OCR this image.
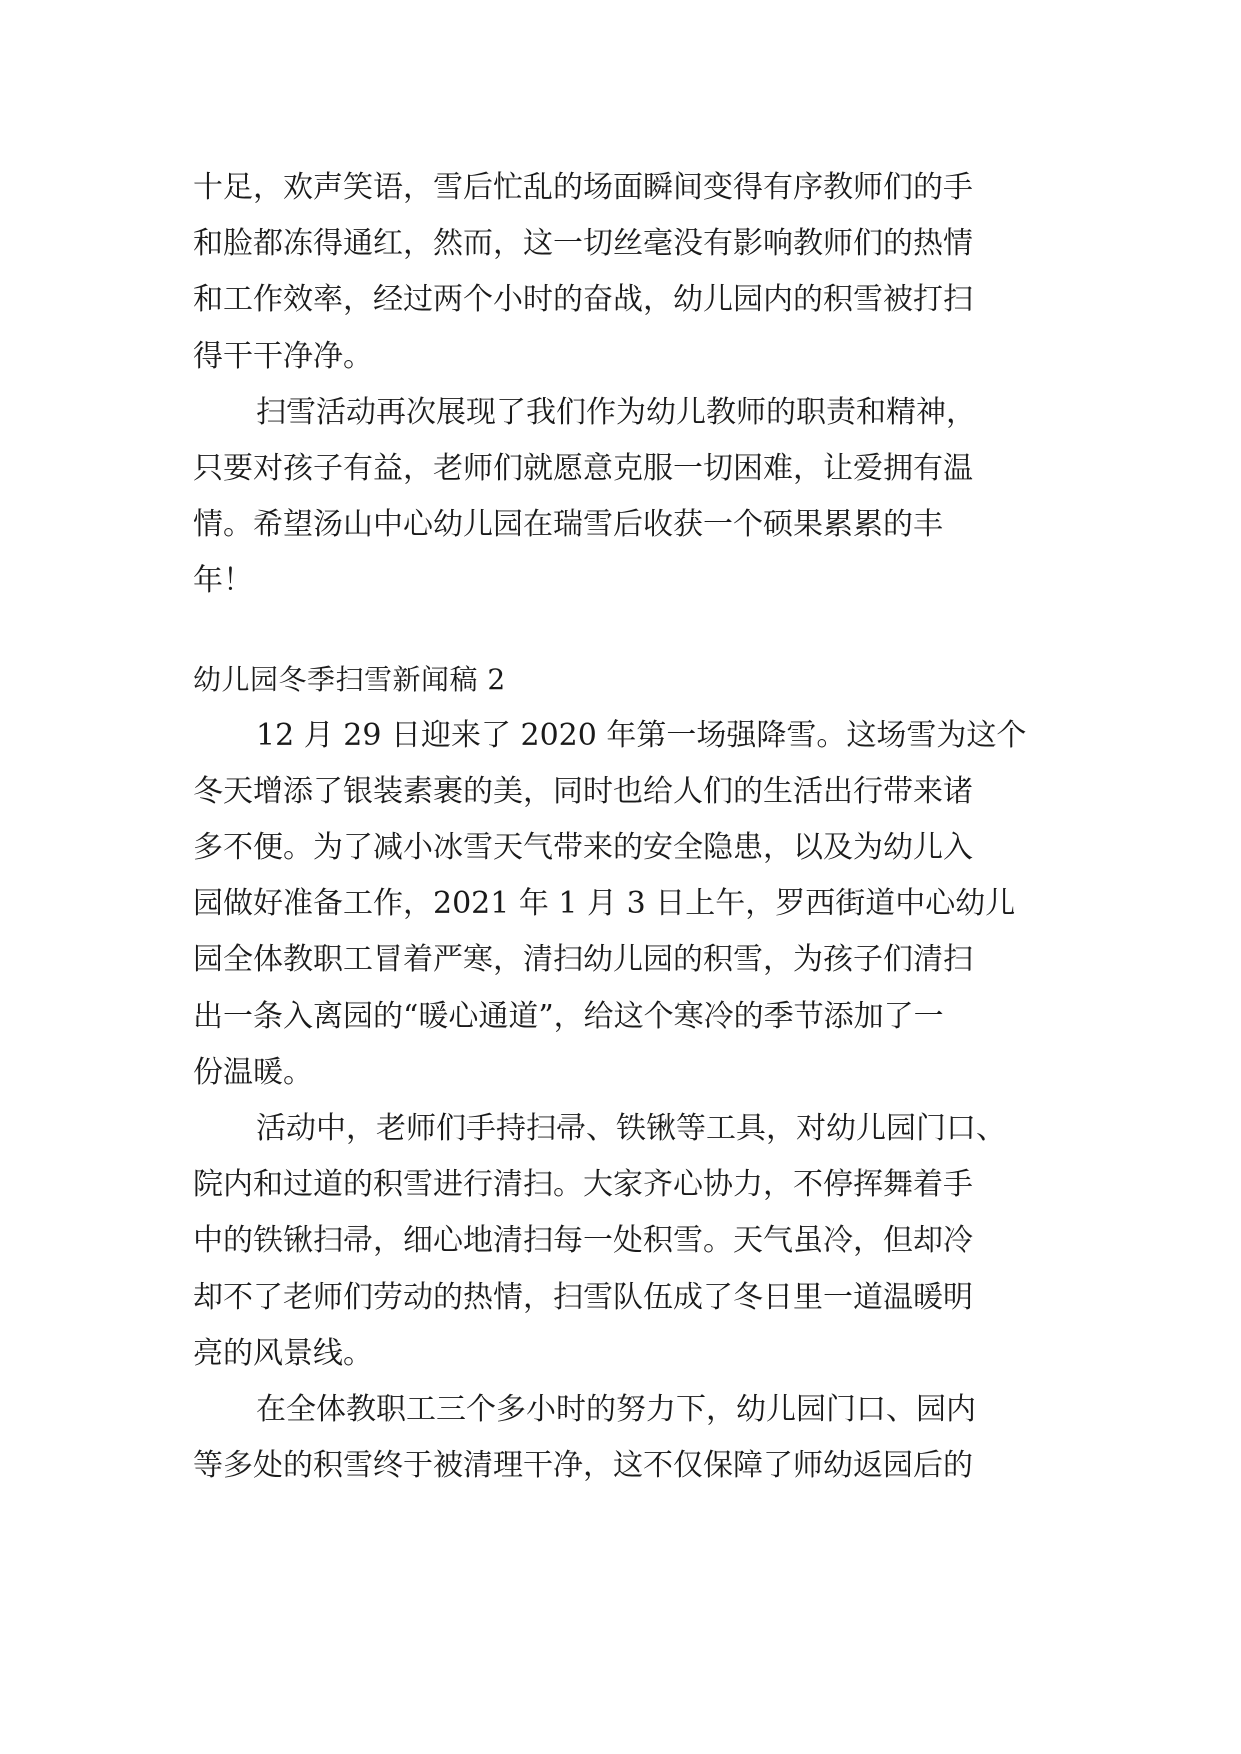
十足，欢声笑语，雪后忙乱的场面瞬间变得有序教师们的手
和脸都冻得通红，然而，这一切丝毫没有影响教师们的热情
和工作效率，经过两个小时的奋战，幼儿园内的积雪被打扫
得干干净净。
扫雪活动再次展现了我们作为幼儿教师的职责和精神，
只要对孩子有益，老师们就愿意克服一切困难，让爱拥有温
情。希望汤山中心幼儿园在瑞雪后收获一个硕果累累的丰
年！
幼儿园冬季扫雪新闻稿 2
12 月 29 日迎来了 2020 年第一场强降雪。这场雪为这个
冬天增添了银装素裹的美，同时也给人们的生活出行带来诸
多不便。为了减小冰雪天气带来的安全隐患，以及为幼儿入
园做好准备工作，2021 年 1 月 3 日上午，罗西街道中心幼儿
园全体教职工冒着严寒，清扫幼儿园的积雪，为孩子们清扫
出一条入离园的“暖心通道”，给这个寒冷的季节添加了一
份温暖。
活动中，老师们手持扫帚、铁锹等工具，对幼儿园门口、
院内和过道的积雪进行清扫。大家齐心协力，不停挥舞着手
中的铁锹扫帚，细心地清扫每一处积雪。天气虽冷，但却冷
却不了老师们劳动的热情，扫雪队伍成了冬日里一道温暖明
亮的风景线。
在全体教职工三个多小时的努力下，幼儿园门口、园内
等多处的积雪终于被清理干净，这不仅保障了师幼返园后的
